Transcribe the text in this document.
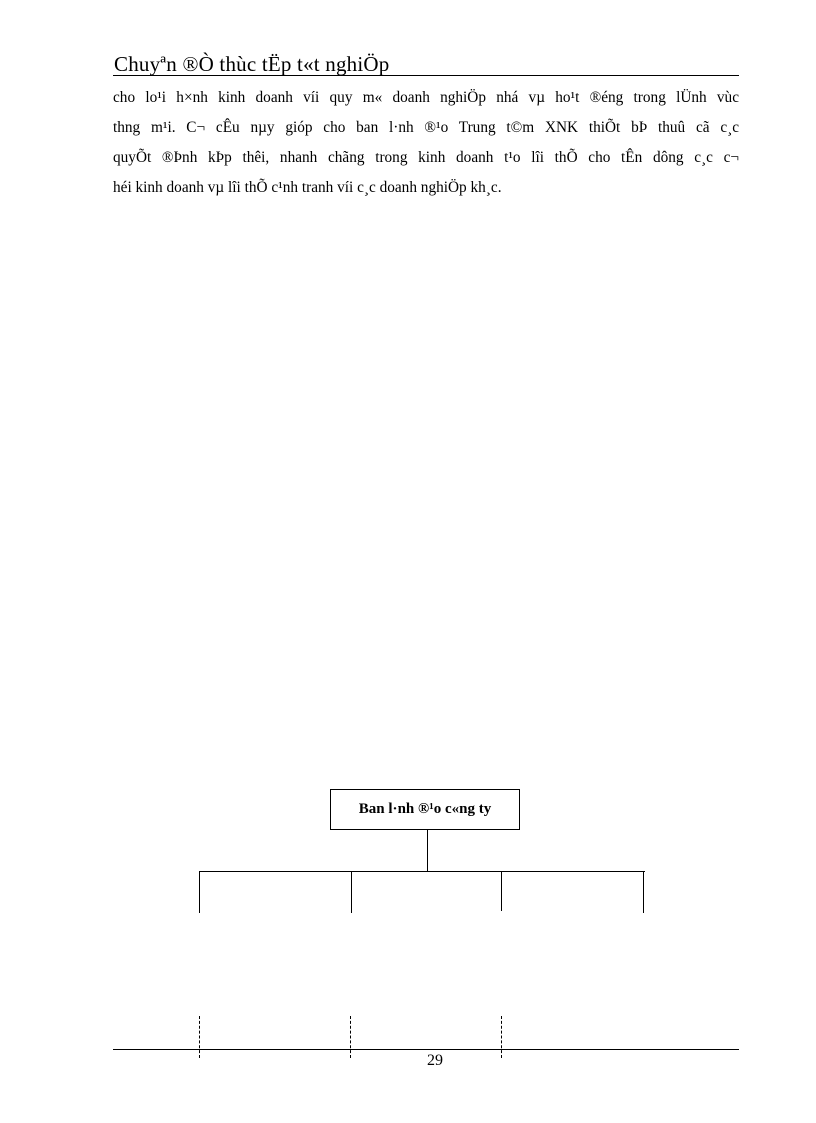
Chuyªn ®Ò thùc tËp t«t nghiÖp

cho lo¹i h×nh kinh doanh víi quy m« doanh nghiÖp nhá vµ ho¹t ®éng trong lÜnh vùc
thng m¹i. C¬ cÊu nµy gióp cho ban l·nh ®¹o Trung t©m XNK thiÕt bÞ thuû cã c¸c
quyÕt ®Þnh kÞp thêi, nhanh chãng trong kinh doanh t¹o lîi thÕ cho tÊn dông c¸c c¬
héi kinh doanh vµ lîi thÕ c¹nh tranh víi c¸c doanh nghiÖp kh¸c.

Ban l·nh ®¹o c«ng ty
29
